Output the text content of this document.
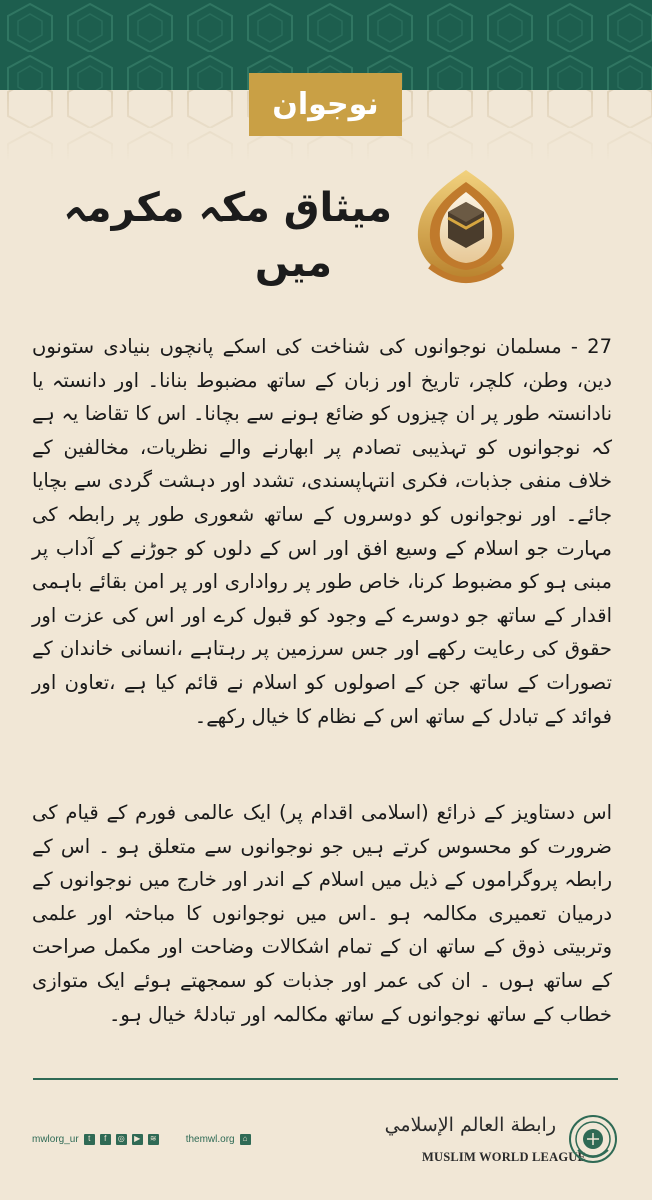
نوجوان
میثاق مکہ مکرمہ
میں

27 - مسلمان نوجوانوں کی شناخت کی اسکے پانچوں بنیادی ستونوں دین، وطن، کلچر، تاریخ اور زبان کے ساتھ مضبوط بنانا۔ اور دانستہ یا نادانستہ طور پر ان چیزوں کو ضائع ہونے سے بچانا۔ اس کا تقاضا یہ ہے کہ نوجوانوں کو تہذیبی تصادم پر ابھارنے والے نظریات، مخالفین کے خلاف منفی جذبات، فکری انتہاپسندی، تشدد اور دہشت گردی سے بچایا جائے۔ اور نوجوانوں کو دوسروں کے ساتھ شعوری طور پر رابطہ کی مہارت جو اسلام کے وسیع افق اور اس کے دلوں کو جوڑنے کے آداب پر مبنی ہو کو مضبوط کرنا، خاص طور پر رواداری اور پر امن بقائے باہمی اقدار کے ساتھ جو دوسرے کے وجود کو قبول کرے اور اس کی عزت اور حقوق کی رعایت رکھے اور جس سرزمین پر رہتاہے ،انسانی خاندان کے تصورات کے ساتھ جن کے اصولوں کو اسلام نے قائم کیا ہے ،تعاون اور فوائد کے تبادل کے ساتھ اس کے نظام کا خیال رکھے۔

اس دستاویز کے ذرائع (اسلامی اقدام پر) ایک عالمی فورم کے قیام کی ضرورت کو محسوس کرتے ہیں جو نوجوانوں سے متعلق ہو ۔ اس کے رابطہ پروگراموں کے ذیل میں اسلام کے اندر اور خارج میں نوجوانوں کے درمیان تعمیری مکالمہ ہو ۔اس میں نوجوانوں کا مباحثہ اور علمی وتربیتی ذوق کے ساتھ ان کے تمام اشکالات وضاحت اور مکمل صراحت کے ساتھ ہوں ۔ ان کی عمر اور جذبات کو سمجھتے ہوئے ایک متوازی خطاب کے ساتھ نوجوانوں کے ساتھ مکالمہ اور تبادلۂ خیال ہو۔

mwlorg_ur	t	f	◎	▶	≋	themwl.org	⌂
رابطة العالم الإسلامي
MUSLIM WORLD LEAGUE
